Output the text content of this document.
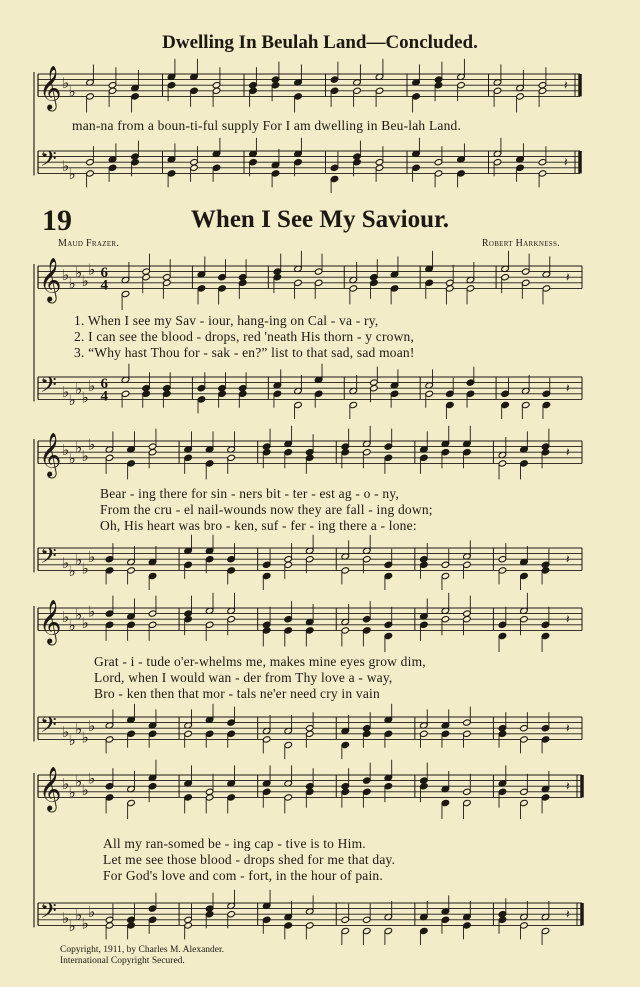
Dwelling In Beulah Land—Concluded.
19	When I See My Saviour.
Maud Frazer.	Robert Harkness.
𝄞
𝄢
♭ ♭
♭ ♭
𝄽
𝄽
𝄞
𝄢
♭ ♭
♭ ♭
♭
♭ ♭
♭ ♭
♭
6
4
6
4
𝄽
𝄽
𝄞
𝄢
♭ ♭
♭ ♭
♭
♭ ♭
♭ ♭
♭
𝄽
𝄽
𝄞
𝄢
♭ ♭
♭ ♭
♭
♭ ♭
♭ ♭
♭
𝄽
𝄽
𝄞
𝄢
♭ ♭
♭ ♭
♭
♭ ♭
♭ ♭
♭
𝄽
𝄽
man-na from a boun-ti-ful supply For I am dwelling in Beu-lah Land.
1. When I see my Sav - iour, hang-ing on Cal - va - ry,
2. I can see the blood - drops, red 'neath His thorn - y crown,
3. “Why hast Thou for - sak - en?” list to that sad, sad moan!
Bear - ing there for sin - ners bit - ter - est ag - o - ny,
From the cru - el nail-wounds now they are fall - ing down;
Oh, His heart was bro - ken, suf - fer - ing there a - lone:
Grat - i - tude o'er-whelms me, makes mine eyes grow dim,
Lord, when I would wan - der from Thy love a - way,
Bro - ken then that mor - tals ne'er need cry in vain
All my ran-somed be - ing cap - tive is to Him.
Let me see those blood - drops shed for me that day.
For God's love and com - fort, in the hour of pain.
Copyright, 1911, by Charles M. Alexander.
International Copyright Secured.
